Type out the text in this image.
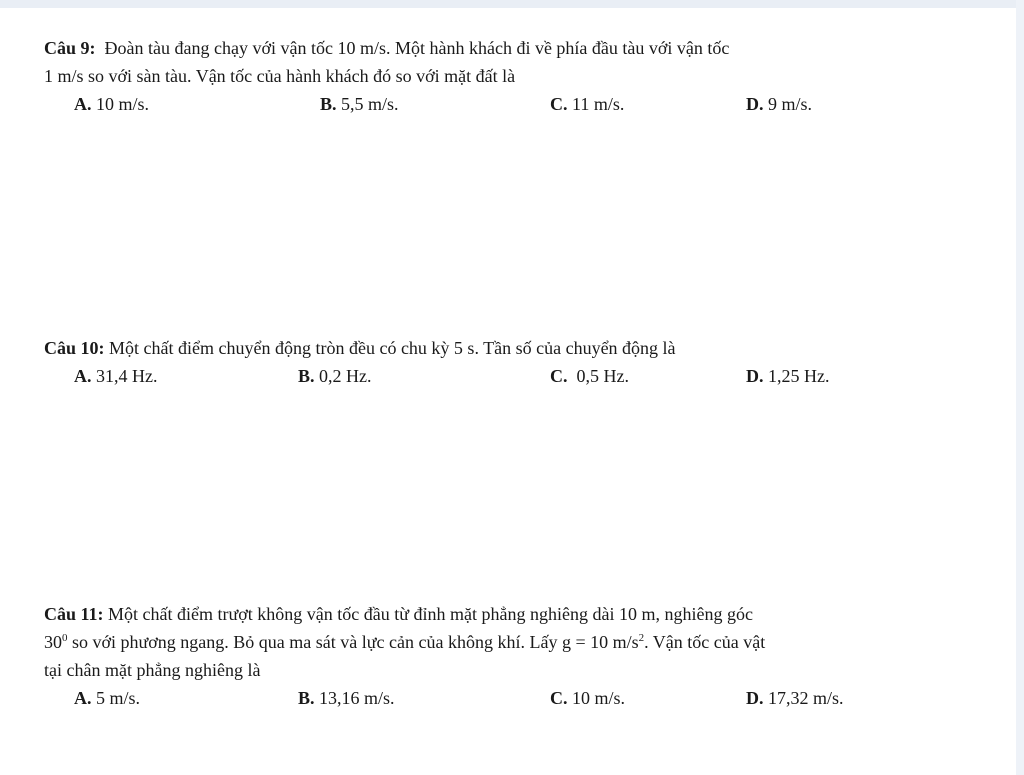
Câu 9:  Đoàn tàu đang chạy với vận tốc 10 m/s. Một hành khách đi về phía đầu tàu với vận tốc
1 m/s so với sàn tàu. Vận tốc của hành khách đó so với mặt đất là
A. 10 m/s.	B. 5,5 m/s.	C. 11 m/s.	D. 9 m/s.
Câu 10: Một chất điểm chuyển động tròn đều có chu kỳ 5 s. Tần số của chuyển động là
A. 31,4 Hz.	B. 0,2 Hz.	C.  0,5 Hz.	D. 1,25 Hz.
Câu 11: Một chất điểm trượt không vận tốc đầu từ đỉnh mặt phẳng nghiêng dài 10 m, nghiêng góc
$30^0$ so với phương ngang. Bỏ qua ma sát và lực cản của không khí. Lấy g = 10 $m/s^2$. Vận tốc của vật
tại chân mặt phẳng nghiêng là
A. 5 m/s.	B. 13,16 m/s.	C. 10 m/s.	D. 17,32 m/s.
